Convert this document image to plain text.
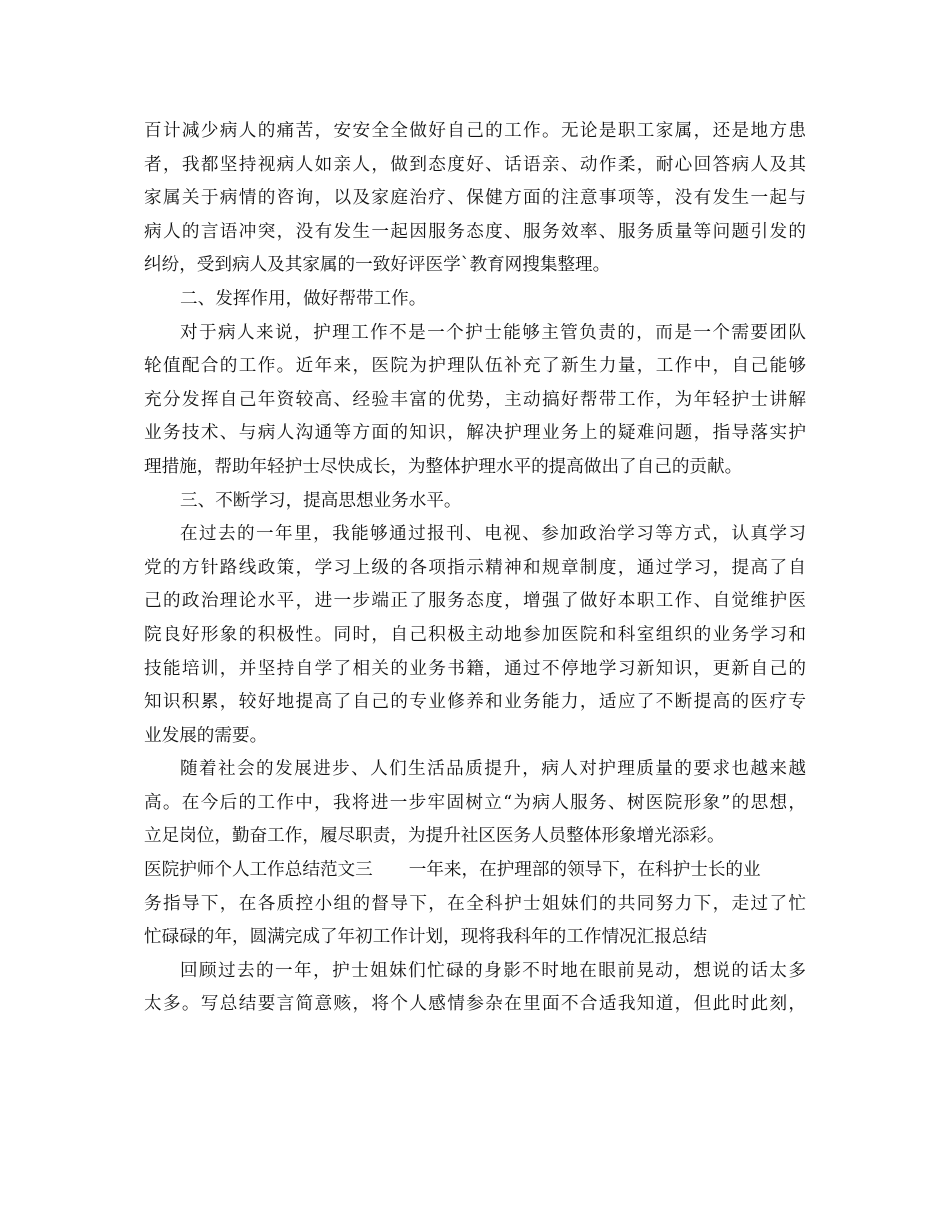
百计减少病人的痛苦，安安全全做好自己的工作。无论是职工家属，还是地方患
者，我都坚持视病人如亲人，做到态度好、话语亲、动作柔，耐心回答病人及其
家属关于病情的咨询，以及家庭治疗、保健方面的注意事项等，没有发生一起与
病人的言语冲突，没有发生一起因服务态度、服务效率、服务质量等问题引发的
纠纷，受到病人及其家属的一致好评医学`教育网搜集整理。
二、发挥作用，做好帮带工作。
对于病人来说，护理工作不是一个护士能够主管负责的，而是一个需要团队
轮值配合的工作。近年来，医院为护理队伍补充了新生力量，工作中，自己能够
充分发挥自己年资较高、经验丰富的优势，主动搞好帮带工作，为年轻护士讲解
业务技术、与病人沟通等方面的知识，解决护理业务上的疑难问题，指导落实护
理措施，帮助年轻护士尽快成长，为整体护理水平的提高做出了自己的贡献。
三、不断学习，提高思想业务水平。
在过去的一年里，我能够通过报刊、电视、参加政治学习等方式，认真学习
党的方针路线政策，学习上级的各项指示精神和规章制度，通过学习，提高了自
己的政治理论水平，进一步端正了服务态度，增强了做好本职工作、自觉维护医
院良好形象的积极性。同时，自己积极主动地参加医院和科室组织的业务学习和
技能培训，并坚持自学了相关的业务书籍，通过不停地学习新知识，更新自己的
知识积累，较好地提高了自己的专业修养和业务能力，适应了不断提高的医疗专
业发展的需要。
随着社会的发展进步、人们生活品质提升，病人对护理质量的要求也越来越
高。在今后的工作中，我将进一步牢固树立“为病人服务、树医院形象”的思想，
立足岗位，勤奋工作，履尽职责，为提升社区医务人员整体形象增光添彩。
医院护师个人工作总结范文三 一年来，在护理部的领导下，在科护士长的业
务指导下，在各质控小组的督导下，在全科护士姐妹们的共同努力下，走过了忙
忙碌碌的年，圆满完成了年初工作计划，现将我科年的工作情况汇报总结
回顾过去的一年，护士姐妹们忙碌的身影不时地在眼前晃动，想说的话太多
太多。写总结要言简意赅，将个人感情参杂在里面不合适我知道，但此时此刻，
